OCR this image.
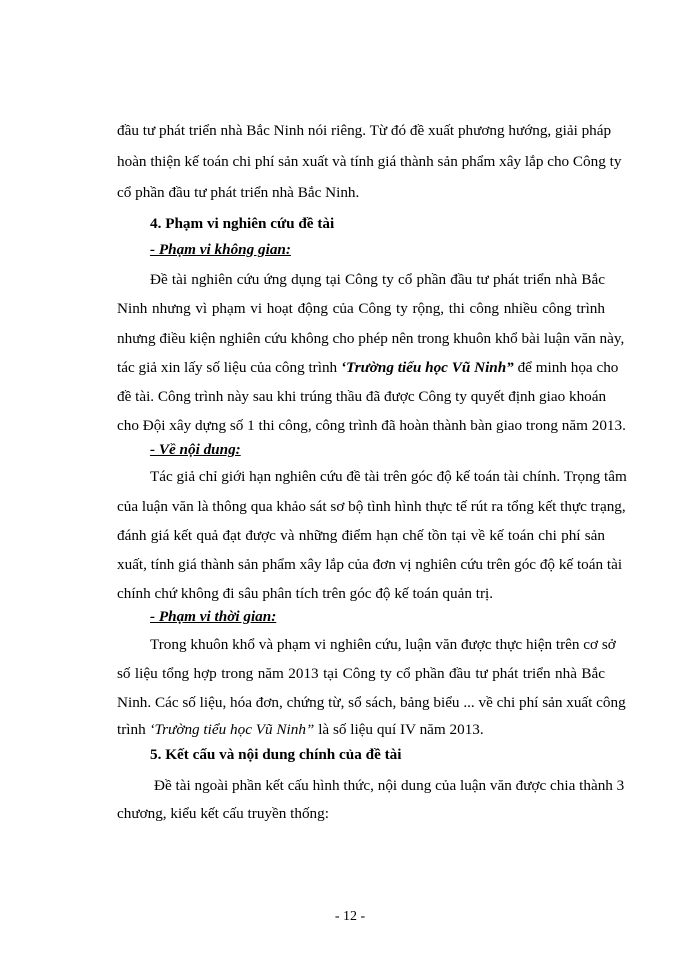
đầu tư phát triển nhà Bắc Ninh nói riêng. Từ đó đề xuất phương hướng, giải pháp
hoàn thiện kế toán chi phí sản xuất và tính giá thành sản phẩm xây lắp cho Công ty
cổ phần đầu tư phát triển nhà Bắc Ninh.
4. Phạm vi nghiên cứu đề tài
- Phạm vi không gian:
Đề tài nghiên cứu ứng dụng tại Công ty cổ phần đầu tư phát triển nhà Bắc
Ninh nhưng vì phạm vi hoạt động của Công ty rộng, thi công nhiều công trình
nhưng điều kiện nghiên cứu không cho phép nên trong khuôn khổ bài luận văn này,
tác giả xin lấy số liệu của công trình ‘Trường tiểu học Vũ Ninh” để minh họa cho
đề tài. Công trình này sau khi trúng thầu đã được Công ty quyết định giao khoán
cho Đội xây dựng số 1 thi công, công trình đã hoàn thành bàn giao trong năm 2013.
- Về nội dung:
Tác giả chỉ giới hạn nghiên cứu đề tài trên góc độ kế toán tài chính. Trọng tâm
của luận văn là thông qua khảo sát sơ bộ tình hình thực tế rút ra tổng kết thực trạng,
đánh giá kết quả đạt được và những điểm hạn chế tồn tại về kế toán chi phí sản
xuất, tính giá thành sản phẩm xây lắp của đơn vị nghiên cứu trên góc độ kế toán tài
chính chứ không đi sâu phân tích trên góc độ kế toán quản trị.
- Phạm vi thời gian:
Trong khuôn khổ và phạm vi nghiên cứu, luận văn được thực hiện trên cơ sở
số liệu tổng hợp trong năm 2013 tại Công ty cổ phần đầu tư phát triển nhà Bắc
Ninh. Các số liệu, hóa đơn, chứng từ, sổ sách, bảng biểu ... về chi phí sản xuất công
trình ‘Trường tiểu học Vũ Ninh” là số liệu quí IV năm 2013.
5. Kết cấu và nội dung chính của đề tài
Đề tài ngoài phần kết cấu hình thức, nội dung của luận văn được chia thành 3
chương, kiểu kết cấu truyền thống:
- 12 -
